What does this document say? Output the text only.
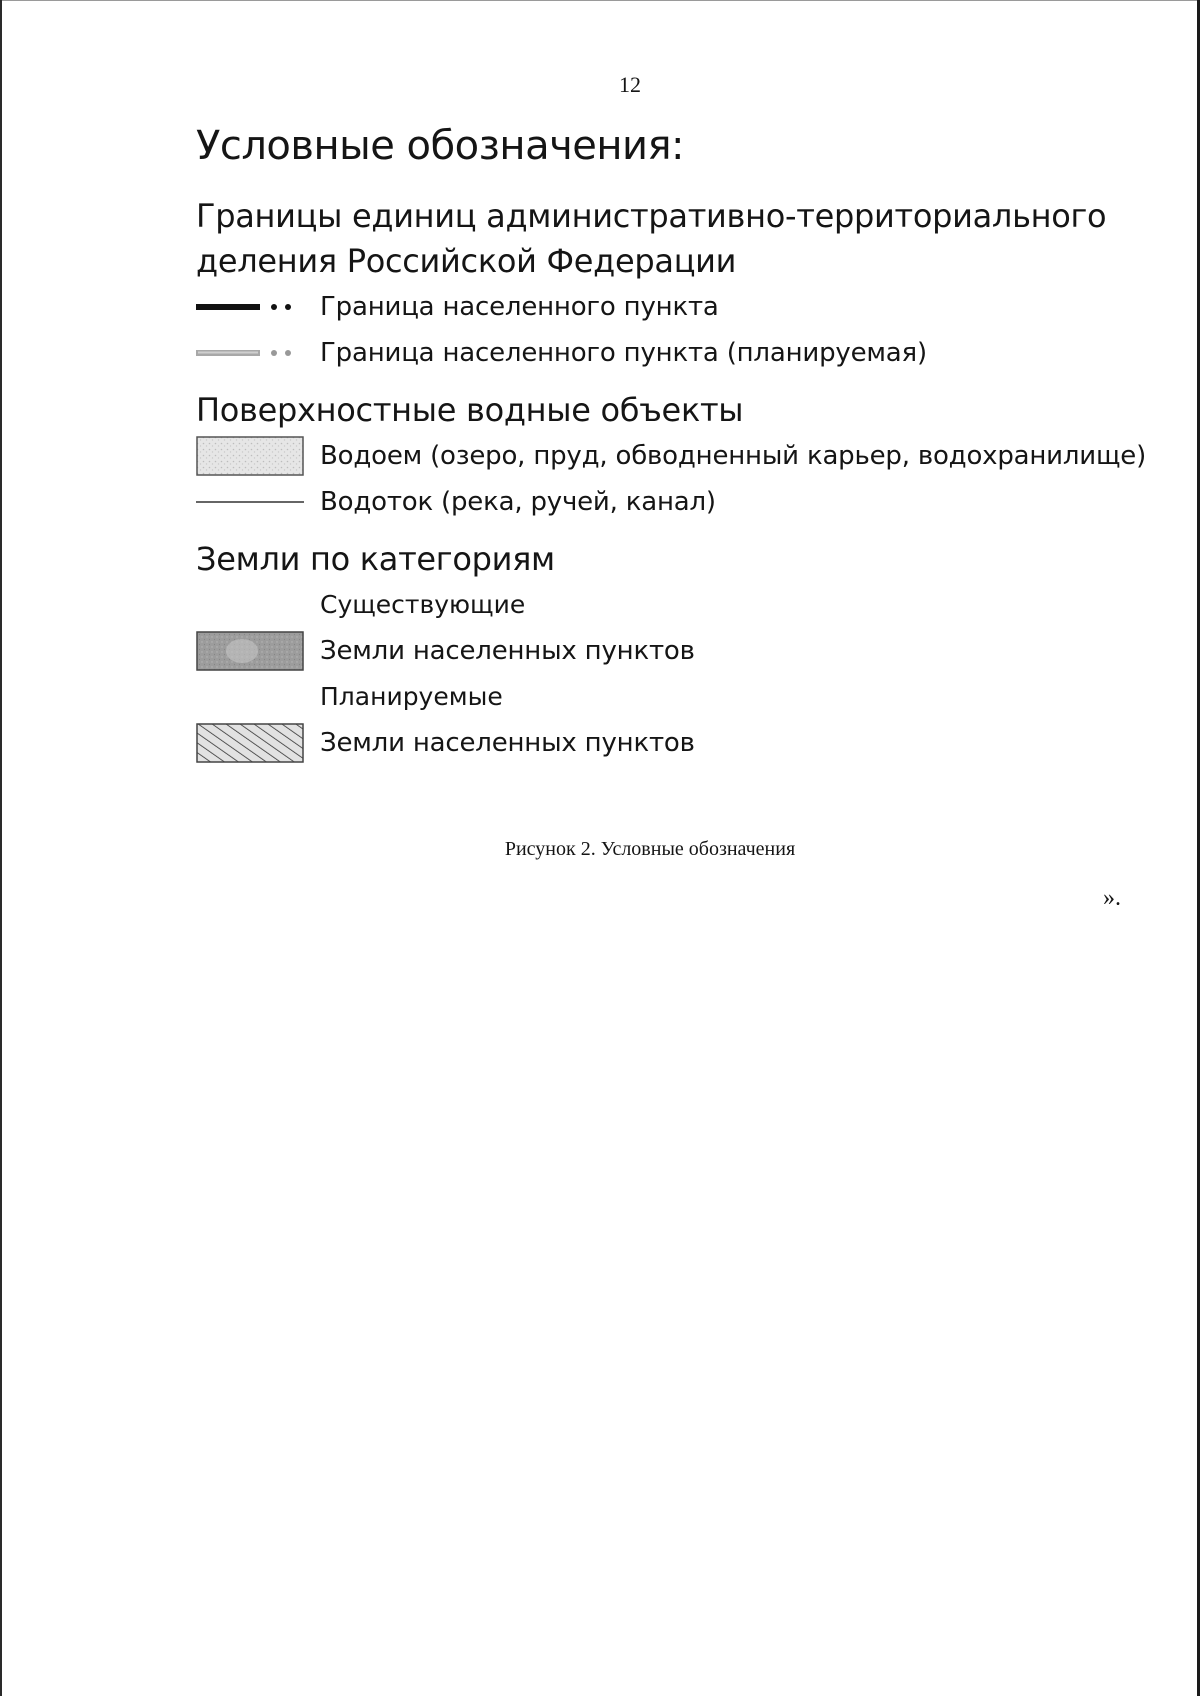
12
Условные обозначения:
Границы единиц административно-территориального
деления Российской Федерации
Граница населенного пункта
Граница населенного пункта (планируемая)
Поверхностные водные объекты
Водоем (озеро, пруд, обводненный карьер, водохранилище)
Водоток (река, ручей, канал)
Земли по категориям
Существующие
Земли населенных пунктов
Планируемые
Земли населенных пунктов
Рисунок 2. Условные обозначения
».
